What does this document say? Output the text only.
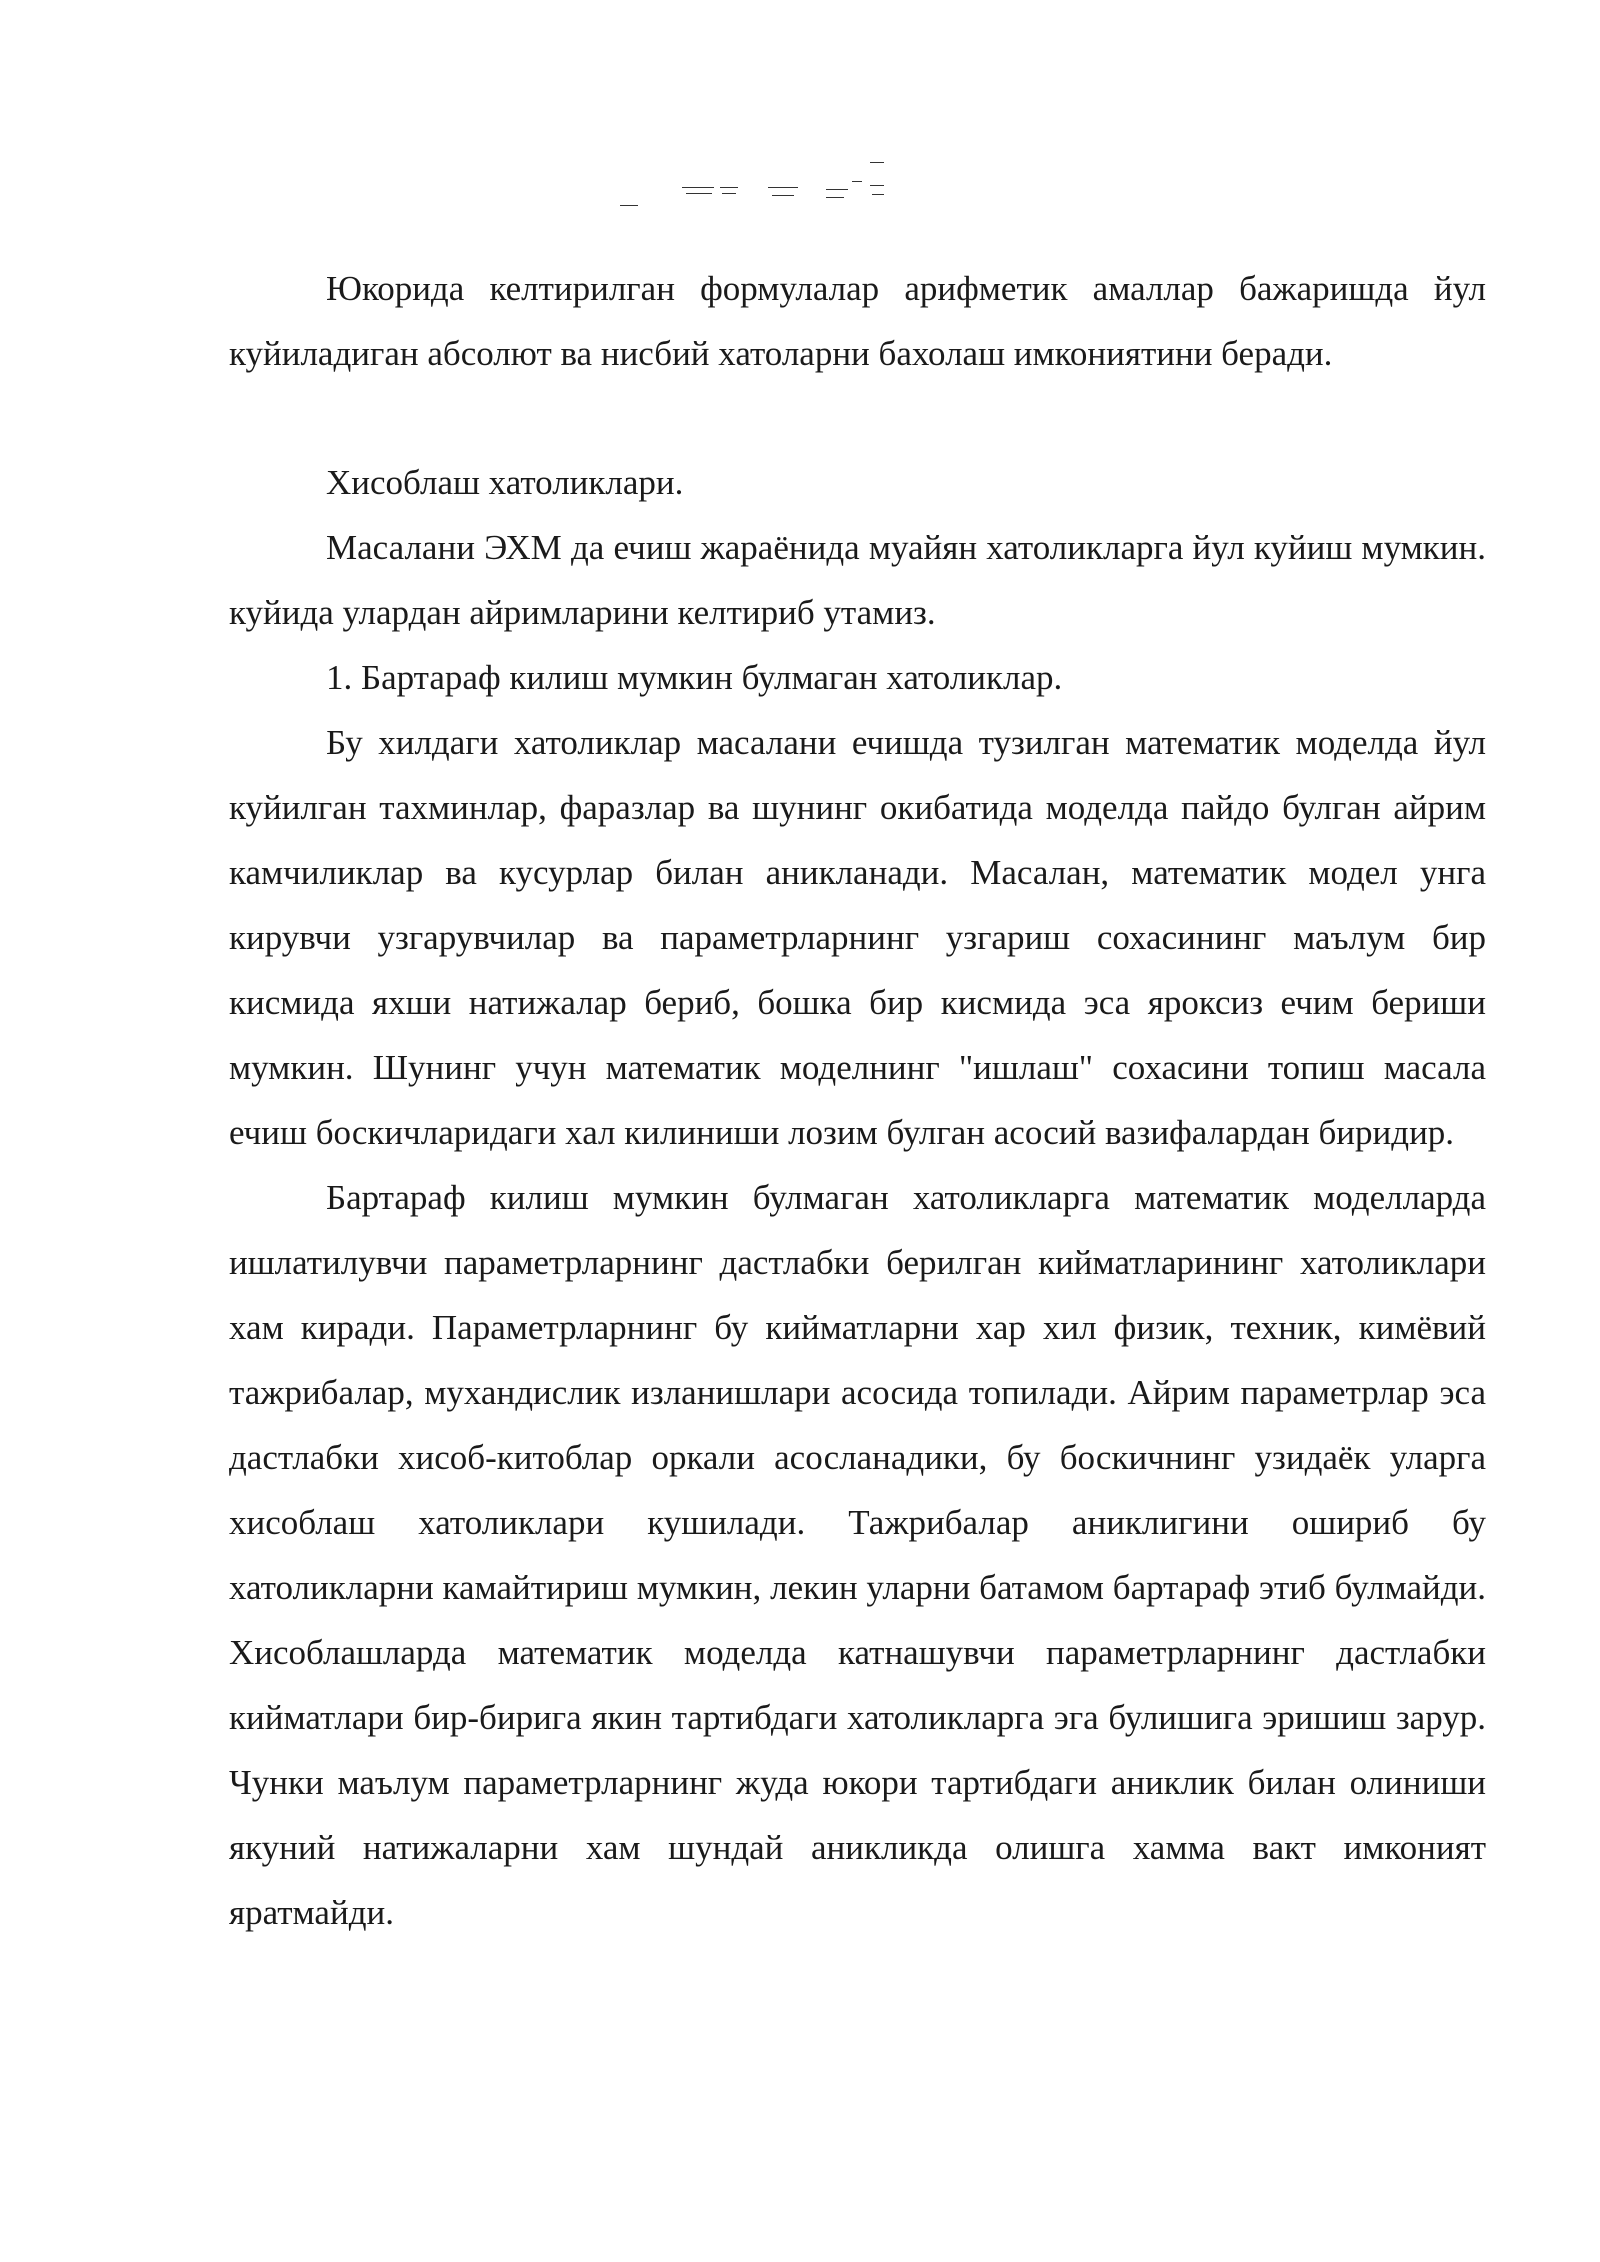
Юкорида келтирилган формулалар арифметик амаллар бажаришда йул куйиладиган абсолют ва нисбий хатоларни бахолаш имкониятини беради.

Хисоблаш хатоликлари.

Масалани ЭХМ да ечиш жараёнида муайян хатоликларга йул куйиш мумкин. куйида улардан айримларини келтириб утамиз.

1. Бартараф килиш мумкин булмаган хатоликлар.

Бу хилдаги хатоликлар масалани ечишда тузилган математик моделда йул куйилган тахминлар, фаразлар ва шунинг окибатида моделда пайдо булган айрим камчиликлар ва кусурлар билан аникланади. Масалан, математик модел унга кирувчи узгарувчилар ва параметрларнинг узгариш сохасининг маълум бир кисмида яхши натижалар бериб, бошка бир кисмида эса яроксиз ечим бериши мумкин. Шунинг учун математик моделнинг "ишлаш" сохасини топиш масала ечиш боскичларидаги хал килиниши лозим булган асосий вазифалардан биридир.

Бартараф килиш мумкин булмаган хатоликларга математик моделларда ишлатилувчи параметрларнинг дастлабки берилган кийматларининг хатоликлари хам киради. Параметрларнинг бу кийматларни хар хил физик, техник, кимёвий тажрибалар, мухандислик изланишлари асосида топилади. Айрим параметрлар эса дастлабки хисоб-китоблар оркали асосланадики, бу боскичнинг узидаёк уларга хисоблаш хатоликлари кушилади. Тажрибалар аниклигини ошириб бу хатоликларни камайтириш мумкин, лекин уларни батамом бартараф этиб булмайди. Хисоблашларда математик моделда катнашувчи параметрларнинг дастлабки кийматлари бир-бирига якин тартибдаги хатоликларга эга булишига эришиш зарур. Чунки маълум параметрларнинг жуда юкори тартибдаги аниклик билан олиниши якуний натижаларни хам шундай аникликда олишга хамма вакт имконият яратмайди.
